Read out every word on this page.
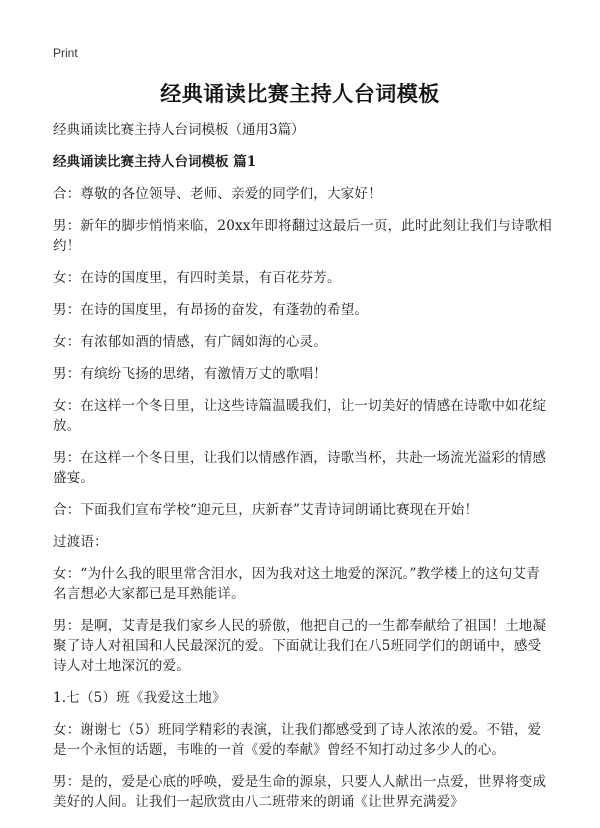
Print
经典诵读比赛主持人台词模板

经典诵读比赛主持人台词模板（通用3篇）

经典诵读比赛主持人台词模板 篇1

合：尊敬的各位领导、老师、亲爱的同学们，大家好！

男：新年的脚步悄悄来临，20xx年即将翻过这最后一页，此时此刻让我们与诗歌相约！

女：在诗的国度里，有四时美景，有百花芬芳。

男：在诗的国度里，有昂扬的奋发，有蓬勃的希望。

女：有浓郁如酒的情感，有广阔如海的心灵。

男：有缤纷飞扬的思绪，有激情万丈的歌唱！

女：在这样一个冬日里，让这些诗篇温暖我们，让一切美好的情感在诗歌中如花绽放。

男：在这样一个冬日里，让我们以情感作酒，诗歌当杯，共赴一场流光溢彩的情感盛宴。

合：下面我们宣布学校“迎元旦，庆新春”艾青诗词朗诵比赛现在开始！

过渡语：

女：“为什么我的眼里常含泪水，因为我对这土地爱的深沉。”教学楼上的这句艾青名言想必大家都已是耳熟能详。

男：是啊，艾青是我们家乡人民的骄傲，他把自己的一生都奉献给了祖国！土地凝聚了诗人对祖国和人民最深沉的爱。下面就让我们在八5班同学们的朗诵中，感受诗人对土地深沉的爱。

1.七（5）班《我爱这土地》

女：谢谢七（5）班同学精彩的表演，让我们都感受到了诗人浓浓的爱。不错，爱是一个永恒的话题，韦唯的一首《爱的奉献》曾经不知打动过多少人的心。

男：是的，爱是心底的呼唤，爱是生命的源泉，只要人人献出一点爱，世界将变成美好的人间。让我们一起欣赏由八二班带来的朗诵《让世界充满爱》
